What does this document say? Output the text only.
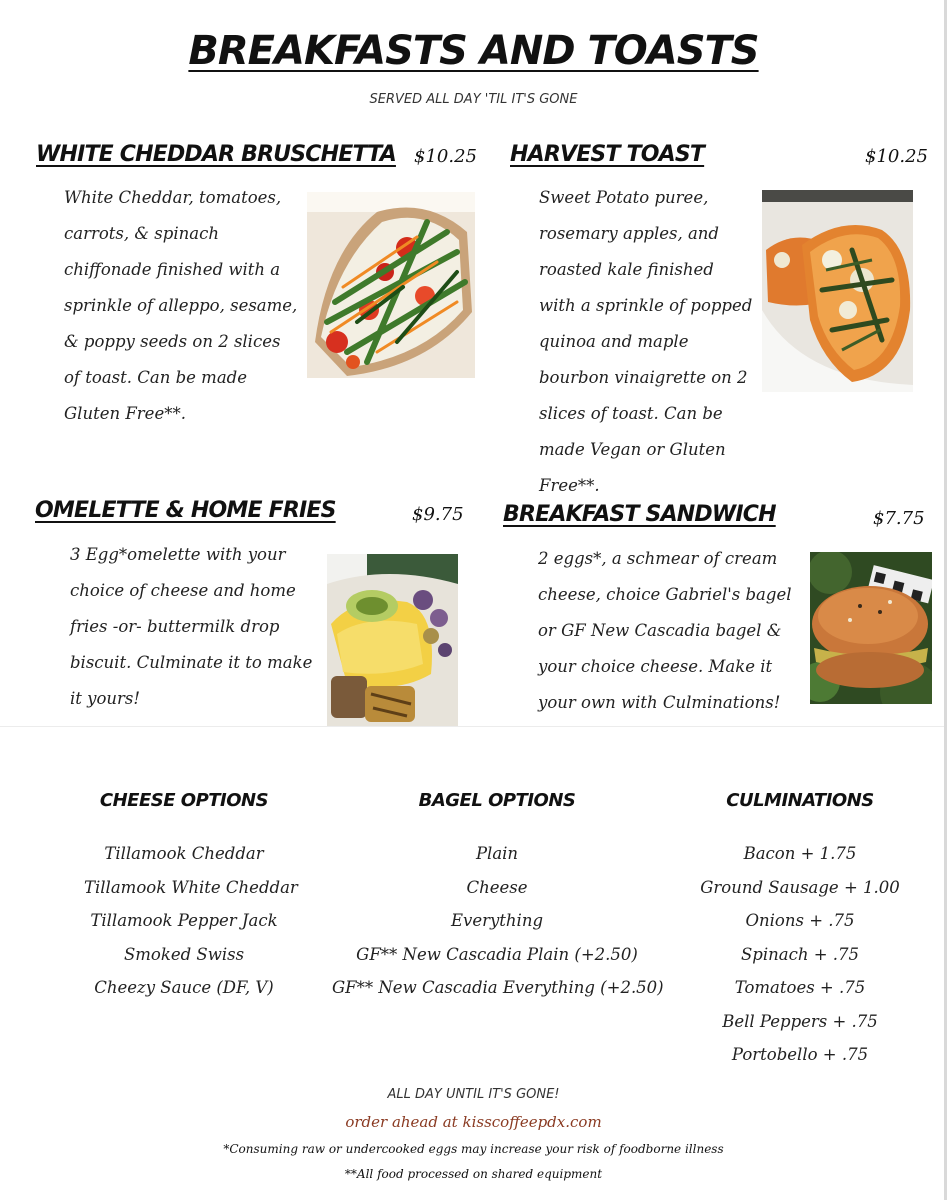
BREAKFASTS AND TOASTS
SERVED ALL DAY 'TIL IT'S GONE
WHITE CHEDDAR BRUSCHETTA $10.25
White Cheddar, tomatoes,
carrots, & spinach
chiffonade finished with a
sprinkle of alleppo, sesame,
& poppy seeds on 2 slices
of toast. Can be made
Gluten Free**.
HARVEST TOAST	$10.25
Sweet Potato puree,
rosemary apples, and
roasted kale finished
with a sprinkle of popped
quinoa and maple
bourbon vinaigrette on 2
slices of toast. Can be
made Vegan or Gluten Free**.
OMELETTE & HOME FRIES	$9.75
3 Egg*omelette with your
choice of cheese and home
fries -or- buttermilk drop
biscuit. Culminate it to make
it yours!
BREAKFAST SANDWICH	$7.75
2 eggs*, a schmear of cream
cheese, choice Gabriel's bagel
or GF New Cascadia bagel &
your choice cheese. Make it
your own with Culminations!
CHEESE OPTIONS
Tillamook Cheddar
Tillamook White Cheddar
Tillamook Pepper Jack
Smoked Swiss
Cheezy Sauce (DF, V)
BAGEL OPTIONS
Plain
Cheese
Everything
GF** New Cascadia Plain (+2.50)
GF** New Cascadia Everything (+2.50)
CULMINATIONS
Bacon + 1.75
Ground Sausage + 1.00
Onions + .75
Spinach + .75
Tomatoes + .75
Bell Peppers + .75
Portobello + .75
ALL DAY UNTIL IT'S GONE!
order ahead at kisscoffeepdx.com
*Consuming raw or undercooked eggs may increase your risk of foodborne illness
**All food processed on shared equipment
